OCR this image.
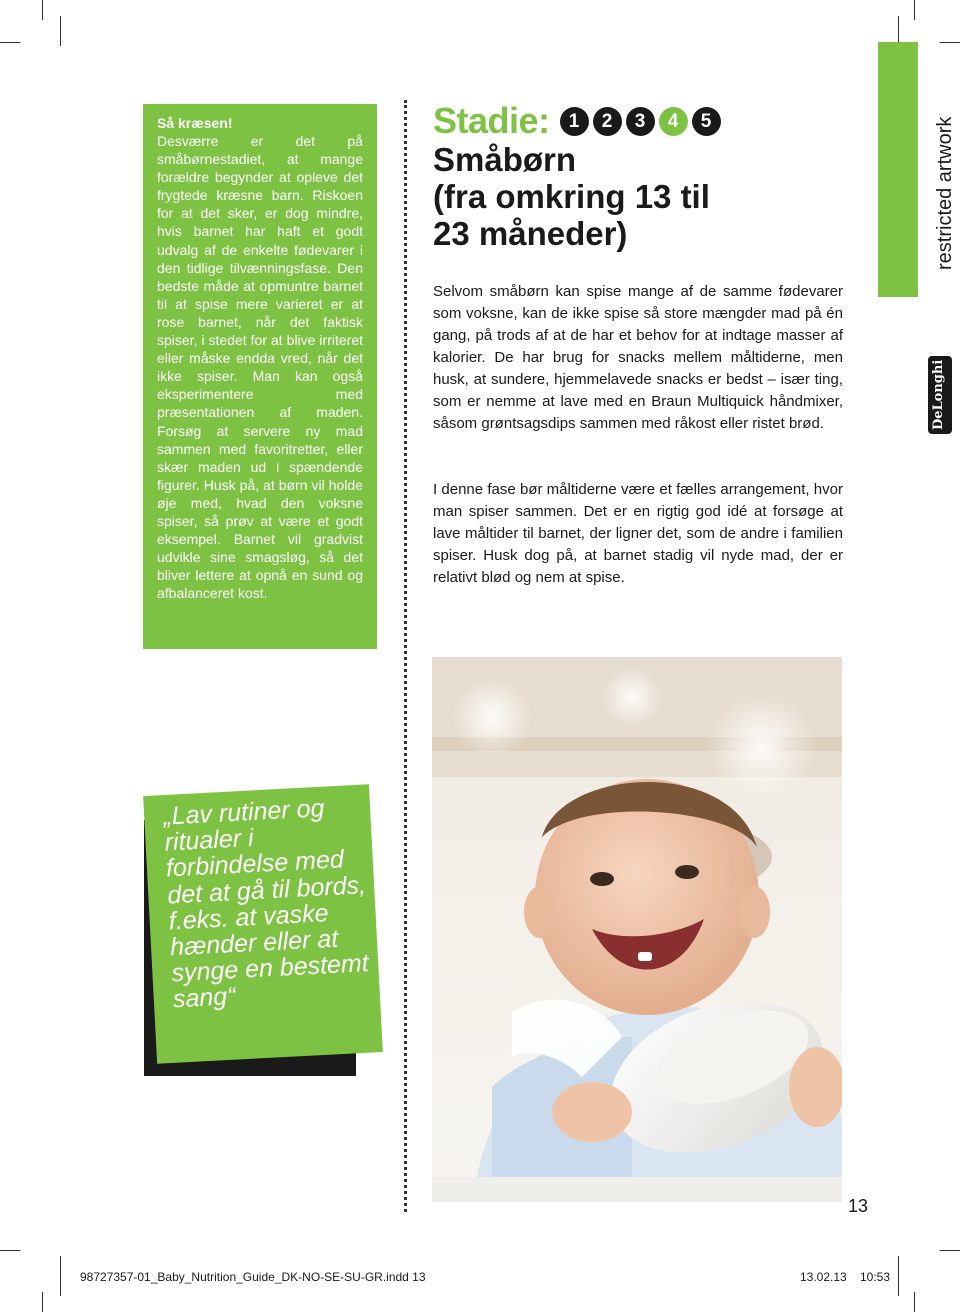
Så kræsen!
Desværre er det på småbørnestadiet, at mange forældre begynder at opleve det frygtede kræsne barn. Riskoen for at det sker, er dog mindre, hvis barnet har haft et godt udvalg af de enkelte fødevarer i den tidlige tilvænningsfase. Den bedste måde at opmuntre barnet til at spise mere varieret er at rose barnet, når det faktisk spiser, i stedet for at blive irriteret eller måske endda vred, når det ikke spiser. Man kan også eksperimentere med præsentationen af maden. Forsøg at servere ny mad sammen med favoritretter, eller skær maden ud i spændende figurer. Husk på, at børn vil holde øje med, hvad den voksne spiser, så prøv at være et godt eksempel. Barnet vil gradvist udvikle sine smagsløg, så det bliver lettere at opnå en sund og afbalanceret kost.
Stadie:	1	2	3	4	5
Småbørn
(fra omkring 13 til
23 måneder)

Selvom småbørn kan spise mange af de samme fødevarer som voksne, kan de ikke spise så store mængder mad på én gang, på trods af at de har et behov for at indtage masser af kalorier. De har brug for snacks mellem måltiderne, men husk, at sundere, hjemmelavede snacks er bedst – især ting, som er nemme at lave med en Braun Multiquick håndmixer, såsom grøntsagsdips sammen med råkost eller ristet brød.

I denne fase bør måltiderne være et fælles arrangement, hvor man spiser sammen. Det er en rigtig god idé at forsøge at lave måltider til barnet, der ligner det, som de andre i familien spiser. Husk dog på, at barnet stadig vil nyde mad, der er relativt blød og nem at spise.

„Lav rutiner og ritualer i forbindelse med det at gå til bords, f.eks. at vaske hænder eller at synge en bestemt sang“
restricted artwork
DeLonghi
13
98727357-01_Baby_Nutrition_Guide_DK-NO-SE-SU-GR.indd 13	13.02.13 10:53
